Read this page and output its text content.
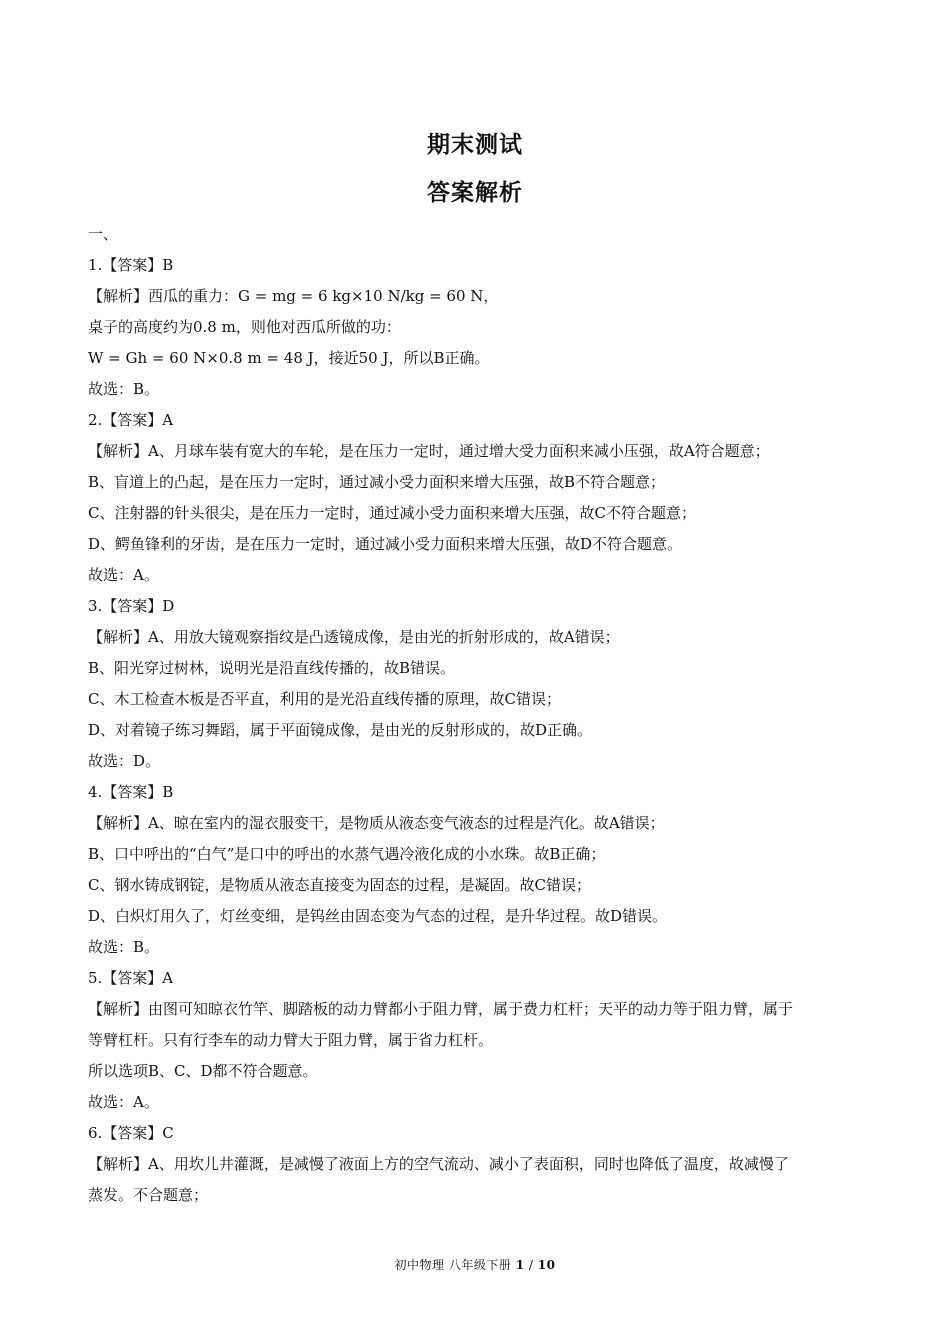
期末测试
答案解析
一、
1.【答案】B
【解析】西瓜的重力：G = mg = 6 kg×10 N/kg = 60 N，
桌子的高度约为0.8 m，则他对西瓜所做的功：
W = Gh = 60 N×0.8 m = 48 J，接近50 J，所以B正确。
故选：B。
2.【答案】A
【解析】A、月球车装有宽大的车轮，是在压力一定时，通过增大受力面积来减小压强，故A符合题意；
B、盲道上的凸起，是在压力一定时，通过减小受力面积来增大压强，故B不符合题意；
C、注射器的针头很尖，是在压力一定时，通过减小受力面积来增大压强，故C不符合题意；
D、鳄鱼锋利的牙齿，是在压力一定时，通过减小受力面积来增大压强，故D不符合题意。
故选：A。
3.【答案】D
【解析】A、用放大镜观察指纹是凸透镜成像，是由光的折射形成的，故A错误；
B、阳光穿过树林，说明光是沿直线传播的，故B错误。
C、木工检查木板是否平直，利用的是光沿直线传播的原理，故C错误；
D、对着镜子练习舞蹈，属于平面镜成像，是由光的反射形成的，故D正确。
故选：D。
4.【答案】B
【解析】A、晾在室内的湿衣服变干，是物质从液态变气液态的过程是汽化。故A错误；
B、口中呼出的“白气”是口中的呼出的水蒸气遇冷液化成的小水珠。故B正确；
C、钢水铸成钢锭，是物质从液态直接变为固态的过程，是凝固。故C错误；
D、白炽灯用久了，灯丝变细，是钨丝由固态变为气态的过程，是升华过程。故D错误。
故选：B。
5.【答案】A
【解析】由图可知晾衣竹竿、脚踏板的动力臂都小于阻力臂，属于费力杠杆；天平的动力等于阻力臂，属于
等臂杠杆。只有行李车的动力臂大于阻力臂，属于省力杠杆。
所以选项B、C、D都不符合题意。
故选：A。
6.【答案】C
【解析】A、用坎儿井灌溉，是减慢了液面上方的空气流动、减小了表面积，同时也降低了温度，故减慢了
蒸发。不合题意；
初中物理 八年级下册 1 / 10
